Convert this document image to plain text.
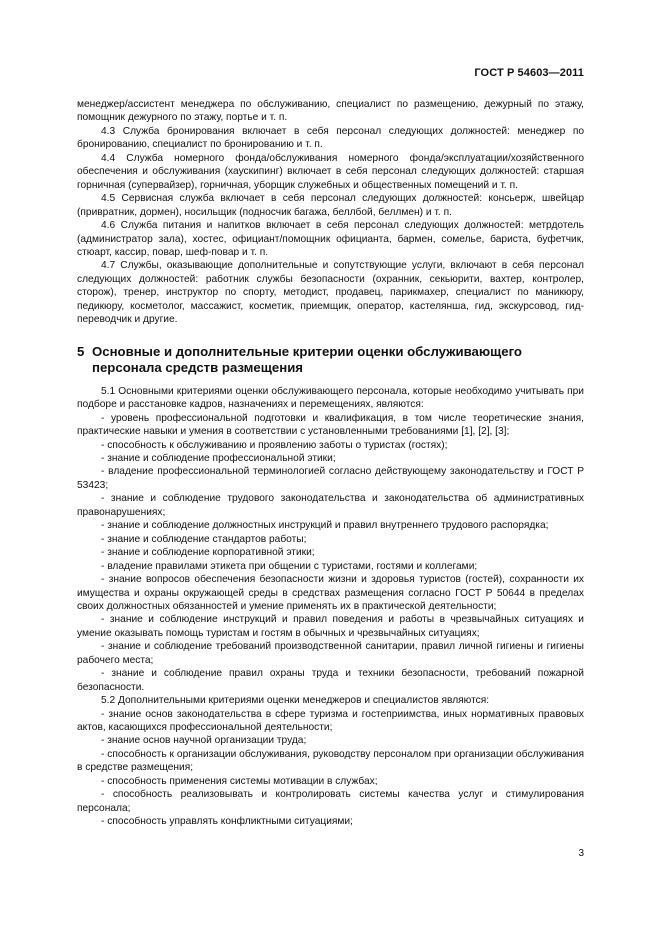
ГОСТ Р 54603—2011

менеджер/ассистент менеджера по обслуживанию, специалист по размещению, дежурный по этажу, помощник дежурного по этажу, портье и т. п.

4.3 Служба бронирования включает в себя персонал следующих должностей: менеджер по бронированию, специалист по бронированию и т. п.

4.4 Служба номерного фонда/обслуживания номерного фонда/эксплуатации/хозяйственного обеспечения и обслуживания (хаускипинг) включает в себя персонал следующих должностей: старшая горничная (супервайзер), горничная, уборщик служебных и общественных помещений и т. п.

4.5 Сервисная служба включает в себя персонал следующих должностей: консьерж, швейцар (привратник, дормен), носильщик (подносчик багажа, беллбой, беллмен) и т. п.

4.6 Служба питания и напитков включает в себя персонал следующих должностей: метрдотель (администратор зала), хостес, официант/помощник официанта, бармен, сомелье, бариста, буфетчик, стюарт, кассир, повар, шеф-повар и т. п.

4.7 Службы, оказывающие дополнительные и сопутствующие услуги, включают в себя персонал следующих должностей: работник службы безопасности (охранник, секьюрити, вахтер, контролер, сторож), тренер, инструктор по спорту, методист, продавец, парикмахер, специалист по маникюру, педикюру, косметолог, массажист, косметик, приемщик, оператор, кастелянша, гид, экскурсовод, гид-переводчик и другие.

5 Основные и дополнительные критерии оценки обслуживающего
персонала средств размещения

5.1 Основными критериями оценки обслуживающего персонала, которые необходимо учитывать при подборе и расстановке кадров, назначениях и перемещениях, являются:

- уровень профессиональной подготовки и квалификация, в том числе теоретические знания, практические навыки и умения в соответствии с установленными требованиями [1], [2], [3];

- способность к обслуживанию и проявлению заботы о туристах (гостях);

- знание и соблюдение профессиональной этики;

- владение профессиональной терминологией согласно действующему законодательству и ГОСТ Р 53423;

- знание и соблюдение трудового законодательства и законодательства об административных правонарушениях;

- знание и соблюдение должностных инструкций и правил внутреннего трудового распорядка;

- знание и соблюдение стандартов работы;

- знание и соблюдение корпоративной этики;

- владение правилами этикета при общении с туристами, гостями и коллегами;

- знание вопросов обеспечения безопасности жизни и здоровья туристов (гостей), сохранности их имущества и охраны окружающей среды в средствах размещения согласно ГОСТ Р 50644 в пределах своих должностных обязанностей и умение применять их в практической деятельности;

- знание и соблюдение инструкций и правил поведения и работы в чрезвычайных ситуациях и умение оказывать помощь туристам и гостям в обычных и чрезвычайных ситуациях;

- знание и соблюдение требований производственной санитарии, правил личной гигиены и гигиены рабочего места;

- знание и соблюдение правил охраны труда и техники безопасности, требований пожарной безопасности.

5.2 Дополнительными критериями оценки менеджеров и специалистов являются:

- знание основ законодательства в сфере туризма и гостеприимства, иных нормативных правовых актов, касающихся профессиональной деятельности;

- знание основ научной организации труда;

- способность к организации обслуживания, руководству персоналом при организации обслуживания в средстве размещения;

- способность применения системы мотивации в службах;

- способность реализовывать и контролировать системы качества услуг и стимулирования персонала;

- способность управлять конфликтными ситуациями;

3
